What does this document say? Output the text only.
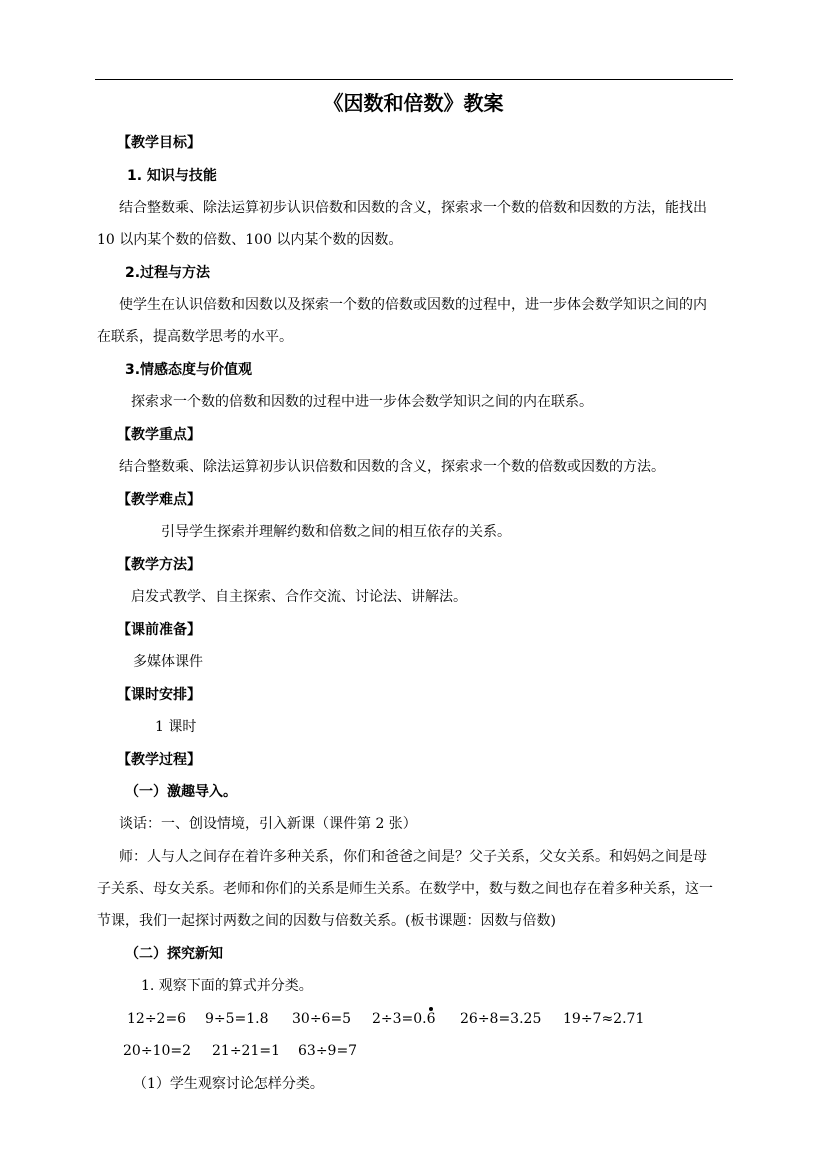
《因数和倍数》教案
【教学目标】
1. 知识与技能
结合整数乘、除法运算初步认识倍数和因数的含义，探索求一个数的倍数和因数的方法，能找出
10 以内某个数的倍数、100 以内某个数的因数。
2.过程与方法
使学生在认识倍数和因数以及探索一个数的倍数或因数的过程中，进一步体会数学知识之间的内
在联系，提高数学思考的水平。
3.情感态度与价值观
探索求一个数的倍数和因数的过程中进一步体会数学知识之间的内在联系。
【教学重点】
结合整数乘、除法运算初步认识倍数和因数的含义，探索求一个数的倍数或因数的方法。
【教学难点】
引导学生探索并理解约数和倍数之间的相互依存的关系。
【教学方法】
启发式教学、自主探索、合作交流、讨论法、讲解法。
【课前准备】
多媒体课件
【课时安排】
1 课时
【教学过程】
（一）激趣导入。
谈话：一、创设情境，引入新课（课件第 2 张）
师：人与人之间存在着许多种关系，你们和爸爸之间是？父子关系，父女关系。和妈妈之间是母
子关系、母女关系。老师和你们的关系是师生关系。在数学中，数与数之间也存在着多种关系，这一
节课，我们一起探讨两数之间的因数与倍数关系。(板书课题：因数与倍数)
（二）探究新知
1. 观察下面的算式并分类。
12÷2=6 9÷5=1.8 30÷6=5 2÷3=0.6 26÷8=3.25 19÷7≈2.71
20÷10=2 21÷21=1 63÷9=7
（1）学生观察讨论怎样分类。
